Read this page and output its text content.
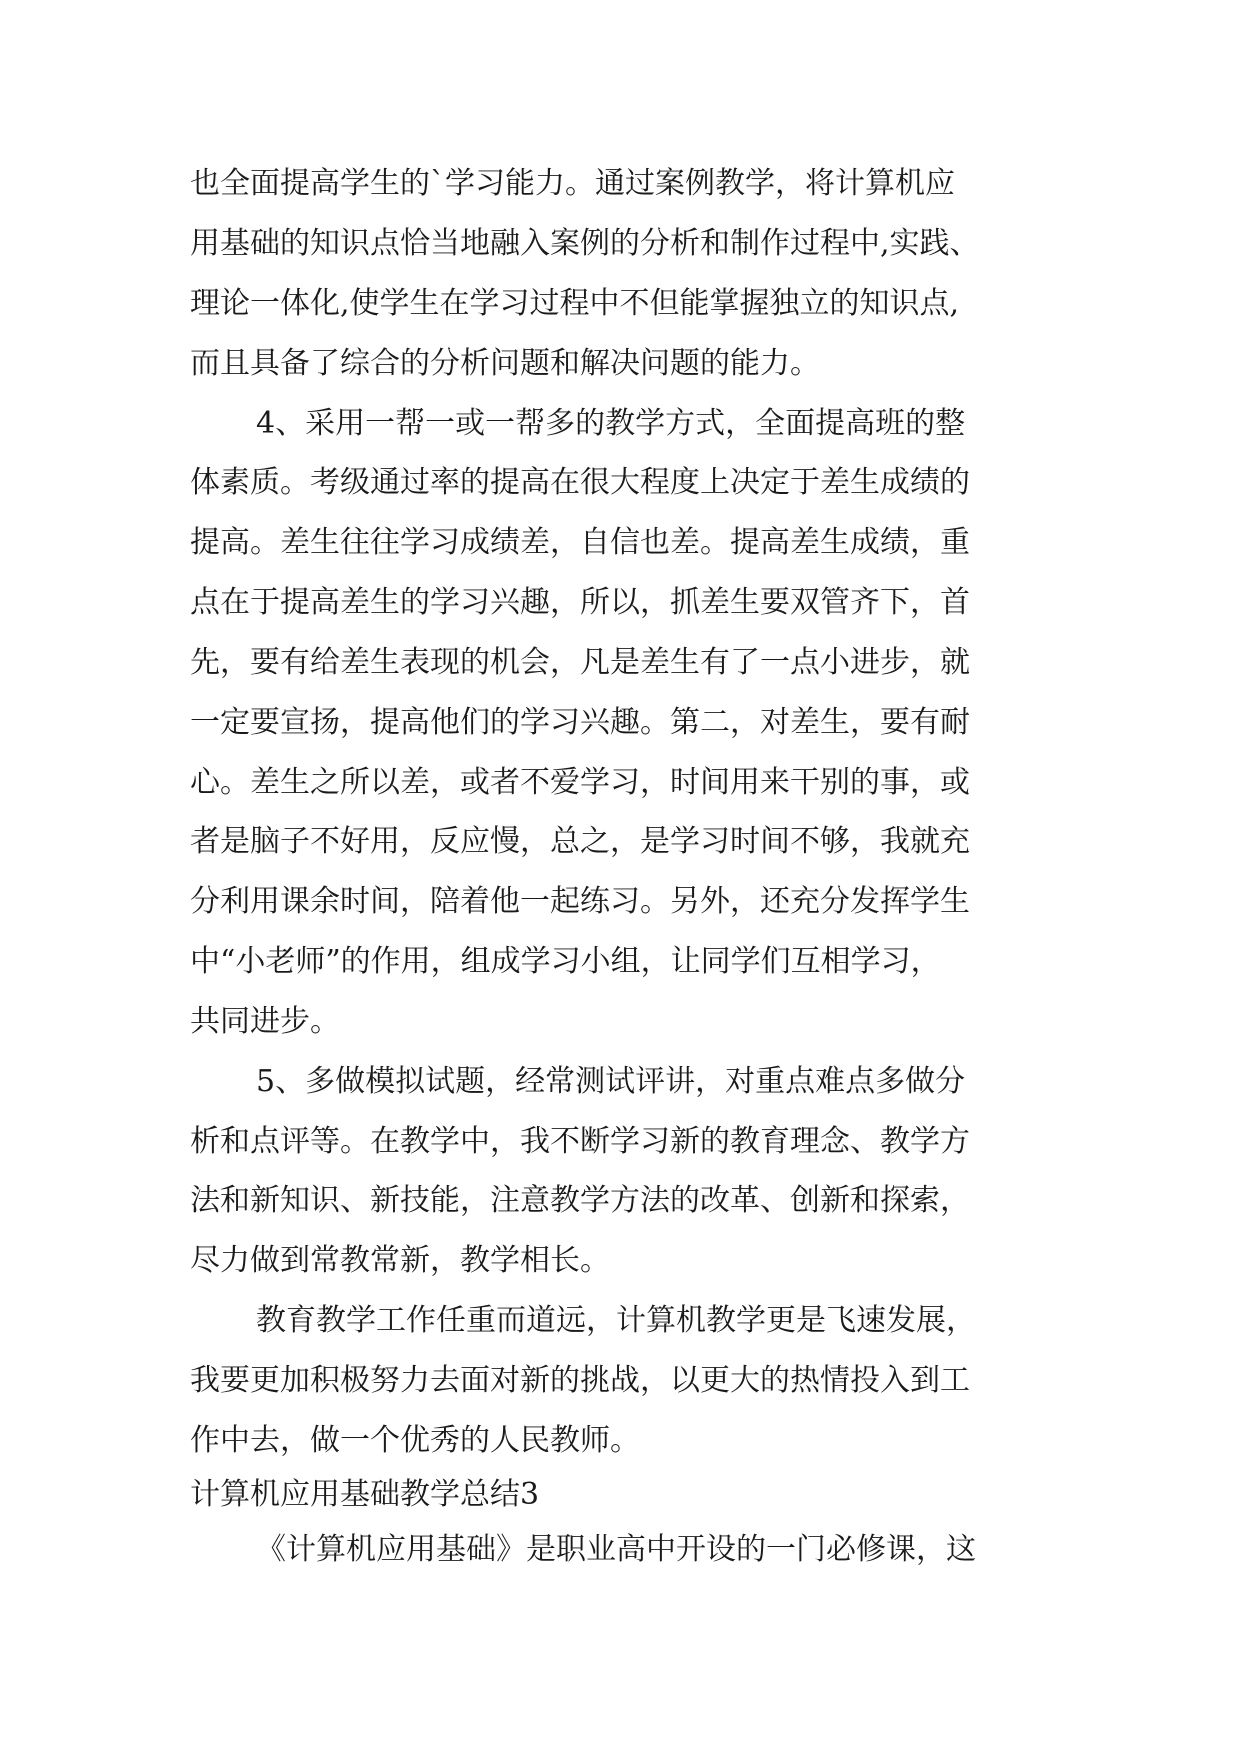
也全面提高学生的`学习能力。通过案例教学，将计算机应
用基础的知识点恰当地融入案例的分析和制作过程中,实践、
理论一体化,使学生在学习过程中不但能掌握独立的知识点,
而且具备了综合的分析问题和解决问题的能力。
4、采用一帮一或一帮多的教学方式，全面提高班的整
体素质。考级通过率的提高在很大程度上决定于差生成绩的
提高。差生往往学习成绩差，自信也差。提高差生成绩，重
点在于提高差生的学习兴趣，所以，抓差生要双管齐下，首
先，要有给差生表现的机会，凡是差生有了一点小进步，就
一定要宣扬，提高他们的学习兴趣。第二，对差生，要有耐
心。差生之所以差，或者不爱学习，时间用来干别的事，或
者是脑子不好用，反应慢，总之，是学习时间不够，我就充
分利用课余时间，陪着他一起练习。另外，还充分发挥学生
中“小老师”的作用，组成学习小组，让同学们互相学习，
共同进步。
5、多做模拟试题，经常测试评讲，对重点难点多做分
析和点评等。在教学中，我不断学习新的教育理念、教学方
法和新知识、新技能，注意教学方法的改革、创新和探索，
尽力做到常教常新，教学相长。
教育教学工作任重而道远，计算机教学更是飞速发展，
我要更加积极努力去面对新的挑战，以更大的热情投入到工
作中去，做一个优秀的人民教师。
计算机应用基础教学总结3
《计算机应用基础》是职业高中开设的一门必修课，这
